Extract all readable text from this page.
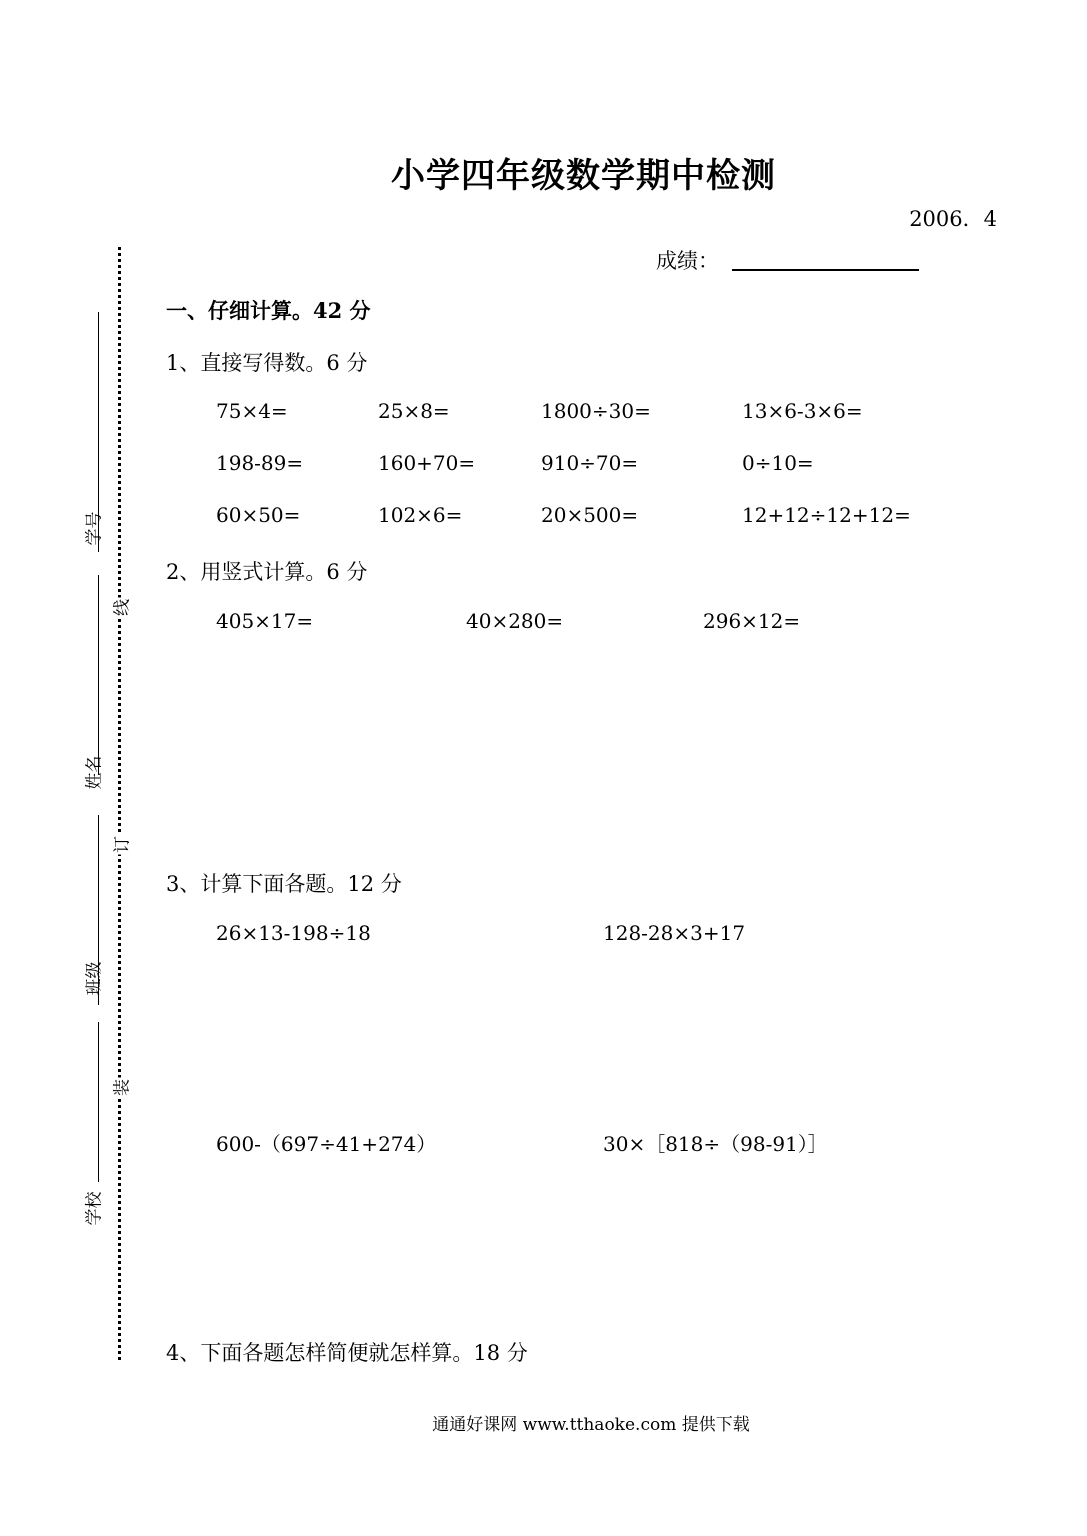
小学四年级数学期中检测
2006．4
成绩：
线
订
装
学号
姓名
班级
学校
一、仔细计算。42 分
1、直接写得数。6 分
75×4=	25×8=	1800÷30=	13×6-3×6=
198-89=	160+70=	910÷70=	0÷10=
60×50=	102×6=	20×500=	12+12÷12+12=
2、用竖式计算。6 分
405×17=	40×280=	296×12=
3、计算下面各题。12 分
26×13-198÷18	128-28×3+17
600-（697÷41+274）	30×［818÷（98-91）］
4、下面各题怎样简便就怎样算。18 分
通通好课网 www.tthaoke.com 提供下载
